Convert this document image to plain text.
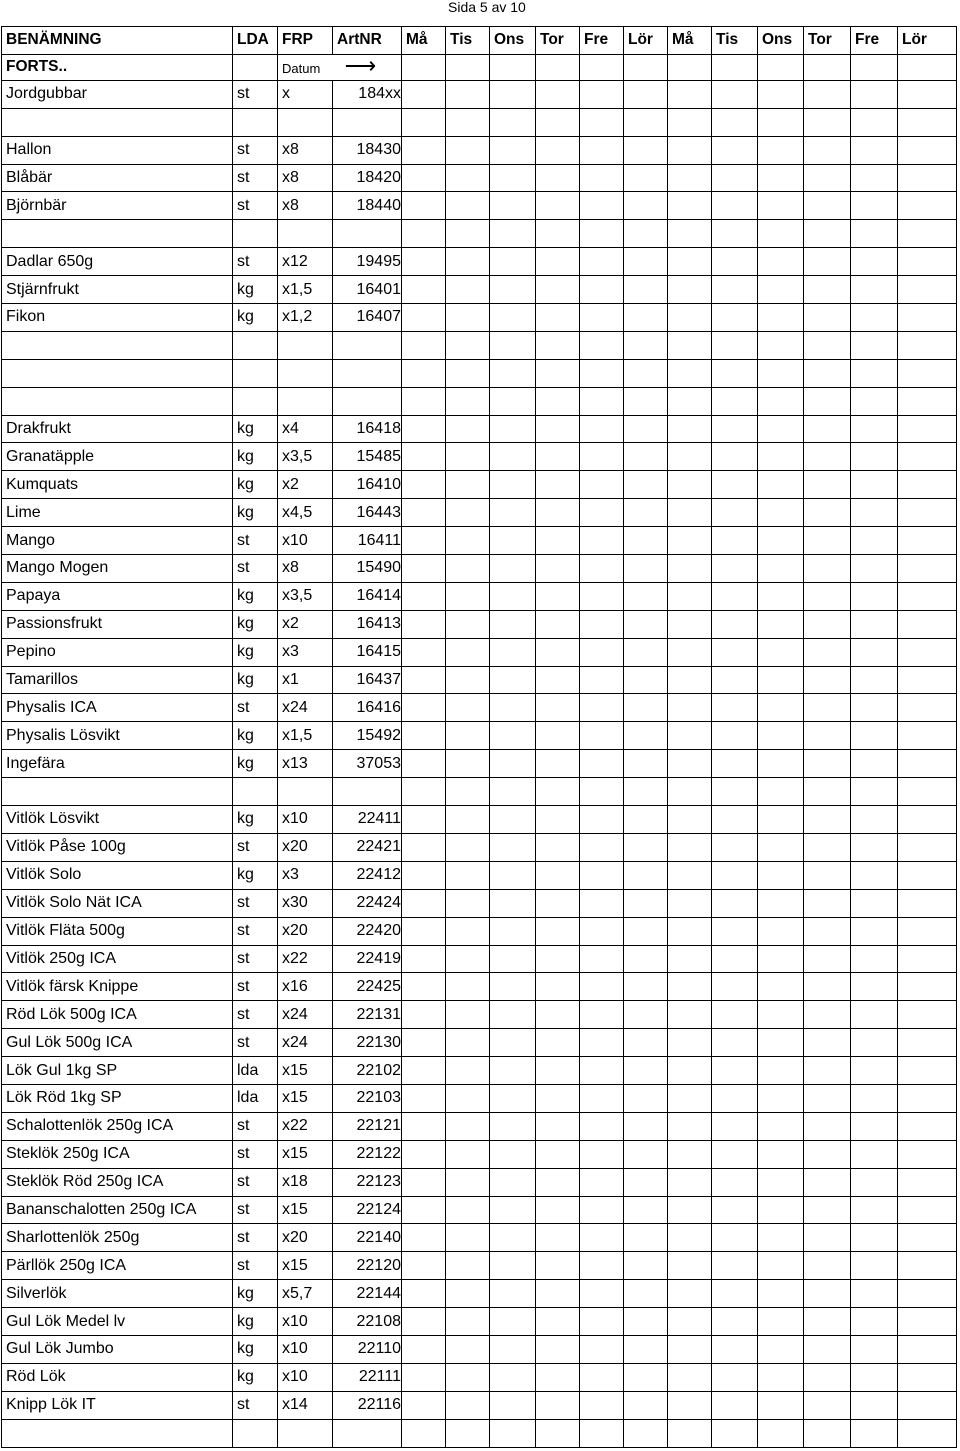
Sida 5 av 10
BENÄMNING	LDA	FRP	ArtNR	Må	Tis	Ons	Tor	Fre	Lör	Må	Tis	Ons	Tor	Fre	Lör
FORTS..		Datum ⟶													
Jordgubbar	st	x	184xx												

Hallon	st	x8	18430												
Blåbär	st	x8	18420												
Björnbär	st	x8	18440												

Dadlar 650g	st	x12	19495												
Stjärnfrukt	kg	x1,5	16401												
Fikon	kg	x1,2	16407												

Drakfrukt	kg	x4	16418												
Granatäpple	kg	x3,5	15485												
Kumquats	kg	x2	16410												
Lime	kg	x4,5	16443												
Mango	st	x10	16411												
Mango Mogen	st	x8	15490												
Papaya	kg	x3,5	16414												
Passionsfrukt	kg	x2	16413												
Pepino	kg	x3	16415												
Tamarillos	kg	x1	16437												
Physalis ICA	st	x24	16416												
Physalis Lösvikt	kg	x1,5	15492												
Ingefära	kg	x13	37053												

Vitlök Lösvikt	kg	x10	22411												
Vitlök Påse 100g	st	x20	22421												
Vitlök Solo	kg	x3	22412												
Vitlök Solo Nät ICA	st	x30	22424												
Vitlök Fläta 500g	st	x20	22420												
Vitlök 250g ICA	st	x22	22419												
Vitlök färsk Knippe	st	x16	22425												
Röd Lök 500g ICA	st	x24	22131												
Gul Lök 500g ICA	st	x24	22130												
Lök Gul 1kg SP	lda	x15	22102												
Lök Röd 1kg SP	lda	x15	22103												
Schalottenlök 250g ICA	st	x22	22121												
Steklök 250g ICA	st	x15	22122												
Steklök Röd 250g ICA	st	x18	22123												
Bananschalotten 250g ICA	st	x15	22124												
Sharlottenlök 250g	st	x20	22140												
Pärllök 250g ICA	st	x15	22120												
Silverlök	kg	x5,7	22144												
Gul Lök Medel lv	kg	x10	22108												
Gul Lök Jumbo	kg	x10	22110												
Röd Lök	kg	x10	22111												
Knipp Lök IT	st	x14	22116												
